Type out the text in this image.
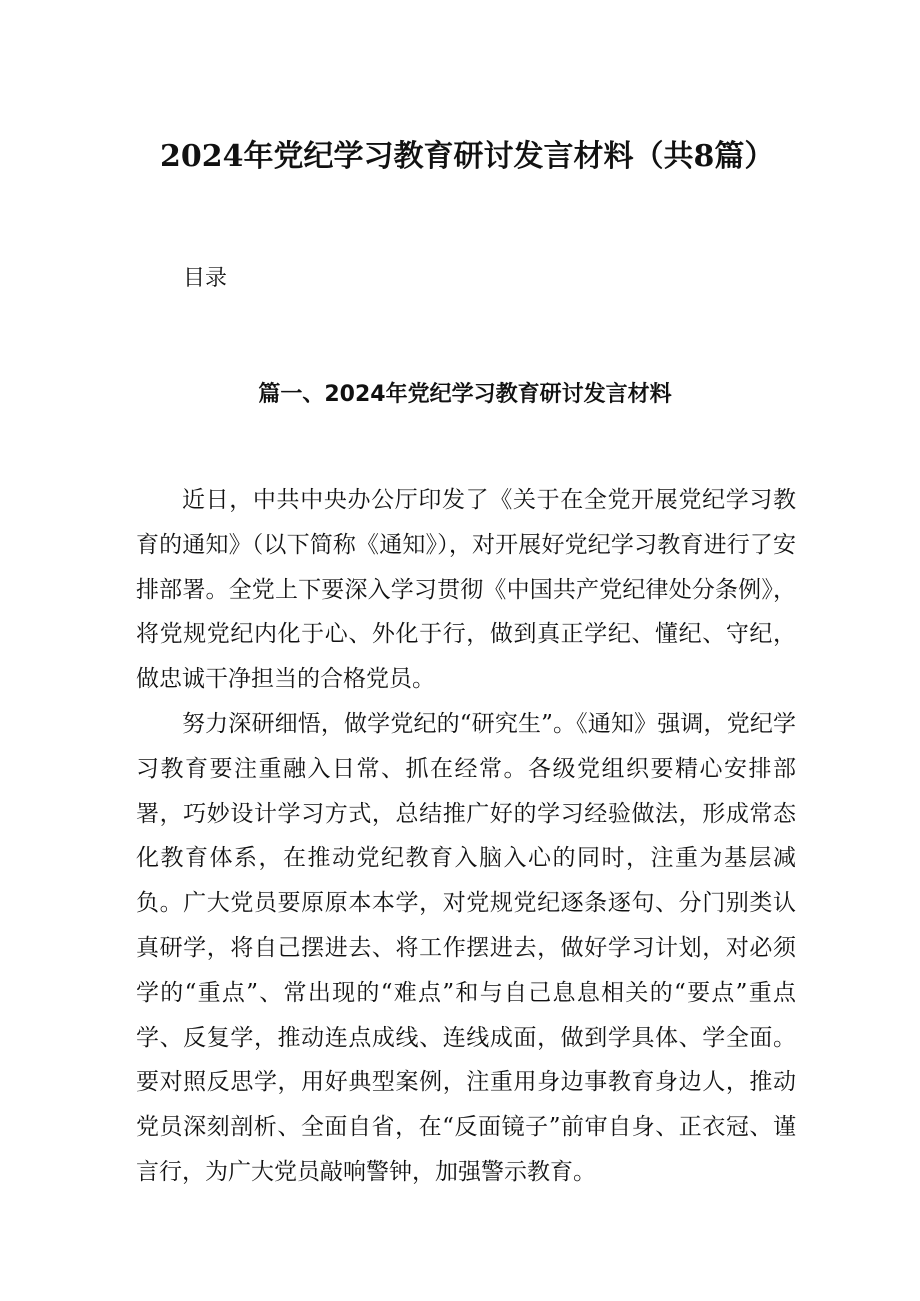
2024年党纪学习教育研讨发言材料（共8篇）
目录
篇一、2024年党纪学习教育研讨发言材料

近日，中共中央办公厅印发了《关于在全党开展党纪学习教育的通知》（以下简称《通知》），对开展好党纪学习教育进行了安排部署。全党上下要深入学习贯彻《中国共产党纪律处分条例》，将党规党纪内化于心、外化于行，做到真正学纪、懂纪、守纪，做忠诚干净担当的合格党员。

努力深研细悟，做学党纪的“研究生”。《通知》强调，党纪学习教育要注重融入日常、抓在经常。各级党组织要精心安排部署，巧妙设计学习方式，总结推广好的学习经验做法，形成常态化教育体系，在推动党纪教育入脑入心的同时，注重为基层减负。广大党员要原原本本学，对党规党纪逐条逐句、分门别类认真研学，将自己摆进去、将工作摆进去，做好学习计划，对必须学的“重点”、常出现的“难点”和与自己息息相关的“要点”重点学、反复学，推动连点成线、连线成面，做到学具体、学全面。要对照反思学，用好典型案例，注重用身边事教育身边人，推动党员深刻剖析、全面自省，在“反面镜子”前审自身、正衣冠、谨言行，为广大党员敲响警钟，加强警示教育。
